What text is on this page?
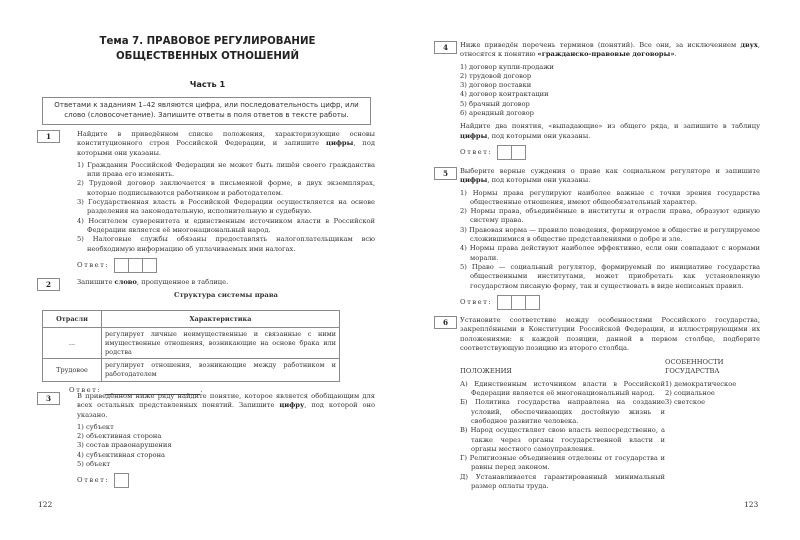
Тема 7. ПРАВОВОЕ РЕГУЛИРОВАНИЕ
ОБЩЕСТВЕННЫХ ОТНОШЕНИЙ
Часть 1
Ответами к заданиям 1–42 являются цифра, или последовательность цифр, или слово (словосочетание). Запишите ответы в поля ответов в тексте работы.
1	Найдите в приведённом списке положения, характеризующие основы конституционного строя Российской Федерации, и запишите цифры, под которыми они указаны.

1) Гражданин Российской Федерации не может быть лишён своего гражданства или права его изменить.
2) Трудовой договор заключается в письменной форме, в двух экземплярах, которые подписываются работником и работодателем.
3) Государственная власть в Российской Федерации осуществляется на основе разделения на законодательную, исполнительную и судебную.
4) Носителем суверенитета и единственным источником власти в Российской Федерации является её многонациональный народ.
5) Налоговые службы обязаны предоставлять налогоплательщикам всю необходимую информацию об уплачиваемых ими налогах.
Ответ:
2	Запишите слово, пропущенное в таблице.

Структура системы права
Отрасли	Характеристика
...	регулирует личные неимущественные и связанные с ними имущественные отношения, возникающие на основе брака или родства
Трудовое	регулирует отношения, возникающие между работником и работодателем
Ответ:	.
3	В приведённом ниже ряду найдите понятие, которое является обобщающим для всех остальных представленных понятий. Запишите цифру, под которой оно указано.

1) субъект
2) объективная сторона
3) состав правонарушения
4) субъективная сторона
5) объект
Ответ:
122
4	Ниже приведён перечень терминов (понятий). Все они, за исключением двух, относятся к понятию «гражданско-правовые договоры».

1) договор купли-продажи
2) трудовой договор
3) договор поставки
4) договор контрактации
5) брачный договор
6) арендный договор

Найдите два понятия, «выпадающие» из общего ряда, и запишите в таблицу цифры, под которыми они указаны.

Ответ:
5	Выберите верные суждения о праве как социальном регуляторе и запишите цифры, под которыми они указаны.

1) Нормы права регулируют наиболее важные с точки зрения государства общественные отношения, имеют общеобязательный характер.
2) Нормы права, объединённые в институты и отрасли права, образуют единую систему права.
3) Правовая норма — правило поведения, формируемое в обществе и регулируемое сложившимися в обществе представлениями о добре и зле.
4) Нормы права действуют наиболее эффективно, если они совпадают с нормами морали.
5) Право — социальный регулятор, формируемый по инициативе государства общественными институтами, может приобретать как установленную государством писаную форму, так и существовать в виде неписаных правил.
Ответ:
6	Установите соответствие между особенностями Российского государства, закреплёнными в Конституции Российской Федерации, и иллюстрирующими их положениями: к каждой позиции, данной в первом столбце, подберите соответствующую позицию из второго столбца.

ПОЛОЖЕНИЯ
ОСОБЕННОСТИ
ГОСУДАРСТВА
А) Единственным источником власти в Российской Федерации является её многонациональный народ.
Б) Политика государства направлена на создание условий, обеспечивающих достойную жизнь и свободное развитие человека.
В) Народ осуществляет свою власть непосредственно, а также через органы государственной власти и органы местного самоуправления.
Г) Религиозные объединения отделены от государства и равны перед законом.
Д) Устанавливается гарантированный минимальный размер оплаты труда.
1) демократическое
2) социальное
3) светское
123
